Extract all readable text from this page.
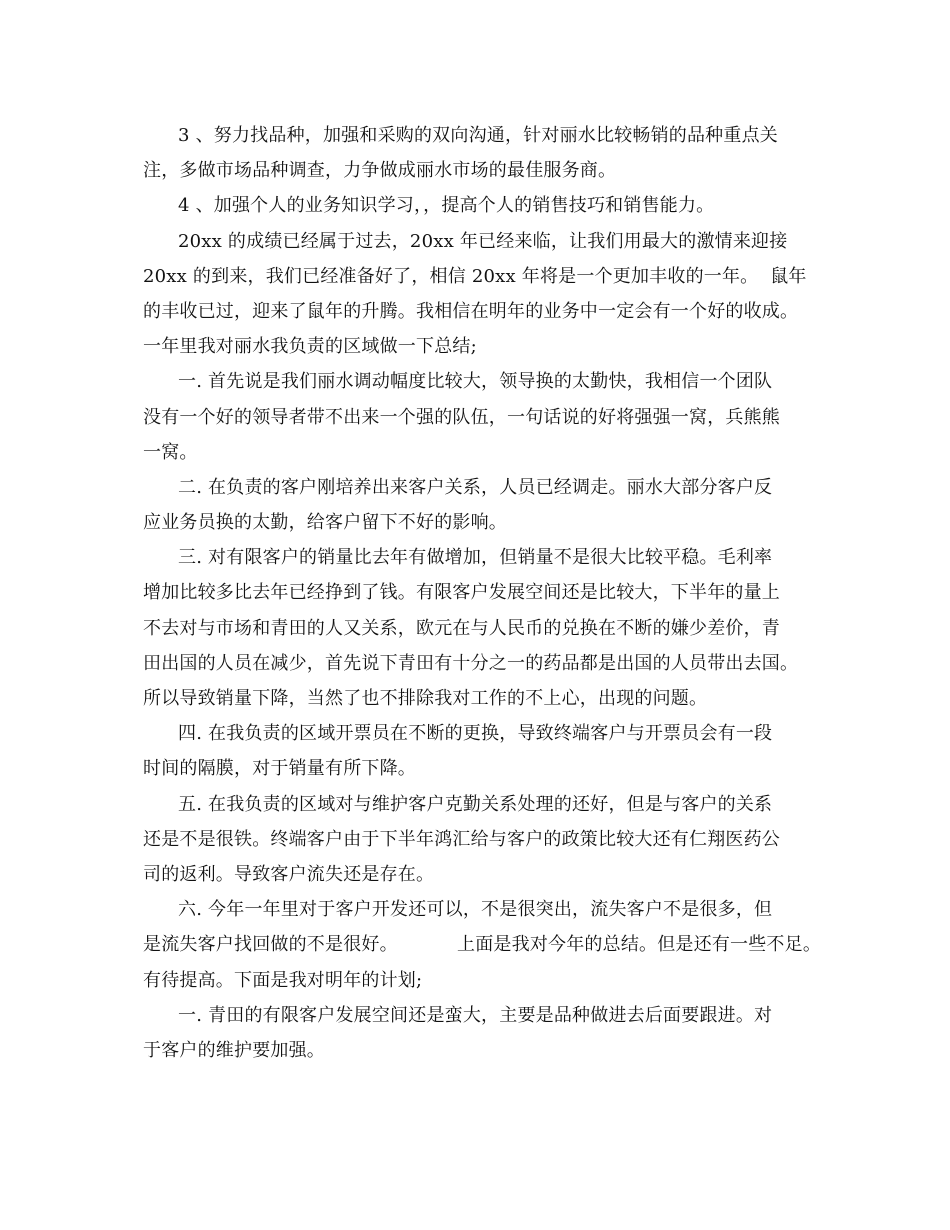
3 、努力找品种，加强和采购的双向沟通，针对丽水比较畅销的品种重点关
注，多做市场品种调查，力争做成丽水市场的最佳服务商。
4 、加强个人的业务知识学习，，提高个人的销售技巧和销售能力。
20xx 的成绩已经属于过去，20xx 年已经来临，让我们用最大的激情来迎接
20xx 的到来，我们已经准备好了，相信 20xx 年将是一个更加丰收的一年。  鼠年
的丰收已过，迎来了鼠年的升腾。我相信在明年的业务中一定会有一个好的收成。
一年里我对丽水我负责的区域做一下总结;
一. 首先说是我们丽水调动幅度比较大，领导换的太勤快，我相信一个团队
没有一个好的领导者带不出来一个强的队伍，一句话说的好将强强一窝，兵熊熊
一窝。
二. 在负责的客户刚培养出来客户关系，人员已经调走。丽水大部分客户反
应业务员换的太勤，给客户留下不好的影响。
三. 对有限客户的销量比去年有做增加，但销量不是很大比较平稳。毛利率
增加比较多比去年已经挣到了钱。有限客户发展空间还是比较大，下半年的量上
不去对与市场和青田的人又关系，欧元在与人民币的兑换在不断的嫌少差价，青
田出国的人员在减少，首先说下青田有十分之一的药品都是出国的人员带出去国。
所以导致销量下降，当然了也不排除我对工作的不上心，出现的问题。
四. 在我负责的区域开票员在不断的更换，导致终端客户与开票员会有一段
时间的隔膜，对于销量有所下降。
五. 在我负责的区域对与维护客户克勤关系处理的还好，但是与客户的关系
还是不是很铁。终端客户由于下半年鸿汇给与客户的政策比较大还有仁翔医药公
司的返利。导致客户流失还是存在。
六. 今年一年里对于客户开发还可以，不是很突出，流失客户不是很多，但
是流失客户找回做的不是很好。          上面是我对今年的总结。但是还有一些不足。
有待提高。下面是我对明年的计划;
一. 青田的有限客户发展空间还是蛮大，主要是品种做进去后面要跟进。对
于客户的维护要加强。
